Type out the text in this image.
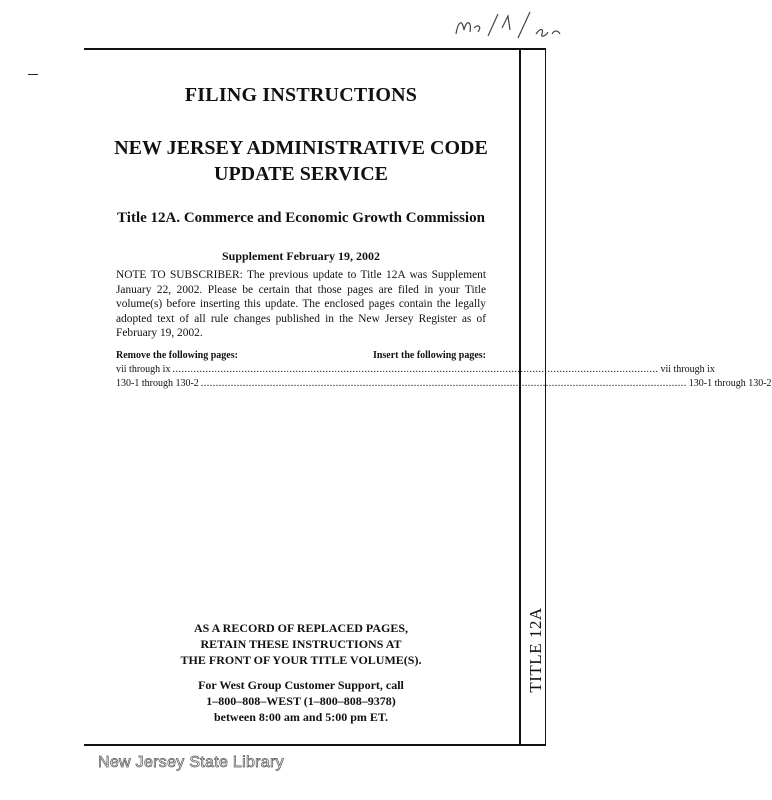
TITLE 12A
FILING INSTRUCTIONS
NEW JERSEY ADMINISTRATIVE CODE
UPDATE SERVICE
Title 12A. Commerce and Economic Growth Commission
Supplement February 19, 2002
NOTE TO SUBSCRIBER: The previous update to Title 12A was Supplement January 22, 2002. Please be certain that those pages are filed in your Title volume(s) before inserting this update. The enclosed pages contain the legally adopted text of all rule changes published in the New Jersey Register as of February 19, 2002.
Remove the following pages:	Insert the following pages:
vii through ix .................................................................................................................................................................. vii through ix
130-1 through 130-2 .................................................................................................................................................................. 130-1 through 130-2
AS A RECORD OF REPLACED PAGES,
RETAIN THESE INSTRUCTIONS AT
THE FRONT OF YOUR TITLE VOLUME(S).
For West Group Customer Support, call
1–800–808–WEST (1–800–808–9378)
between 8:00 am and 5:00 pm ET.
New Jersey State Library
